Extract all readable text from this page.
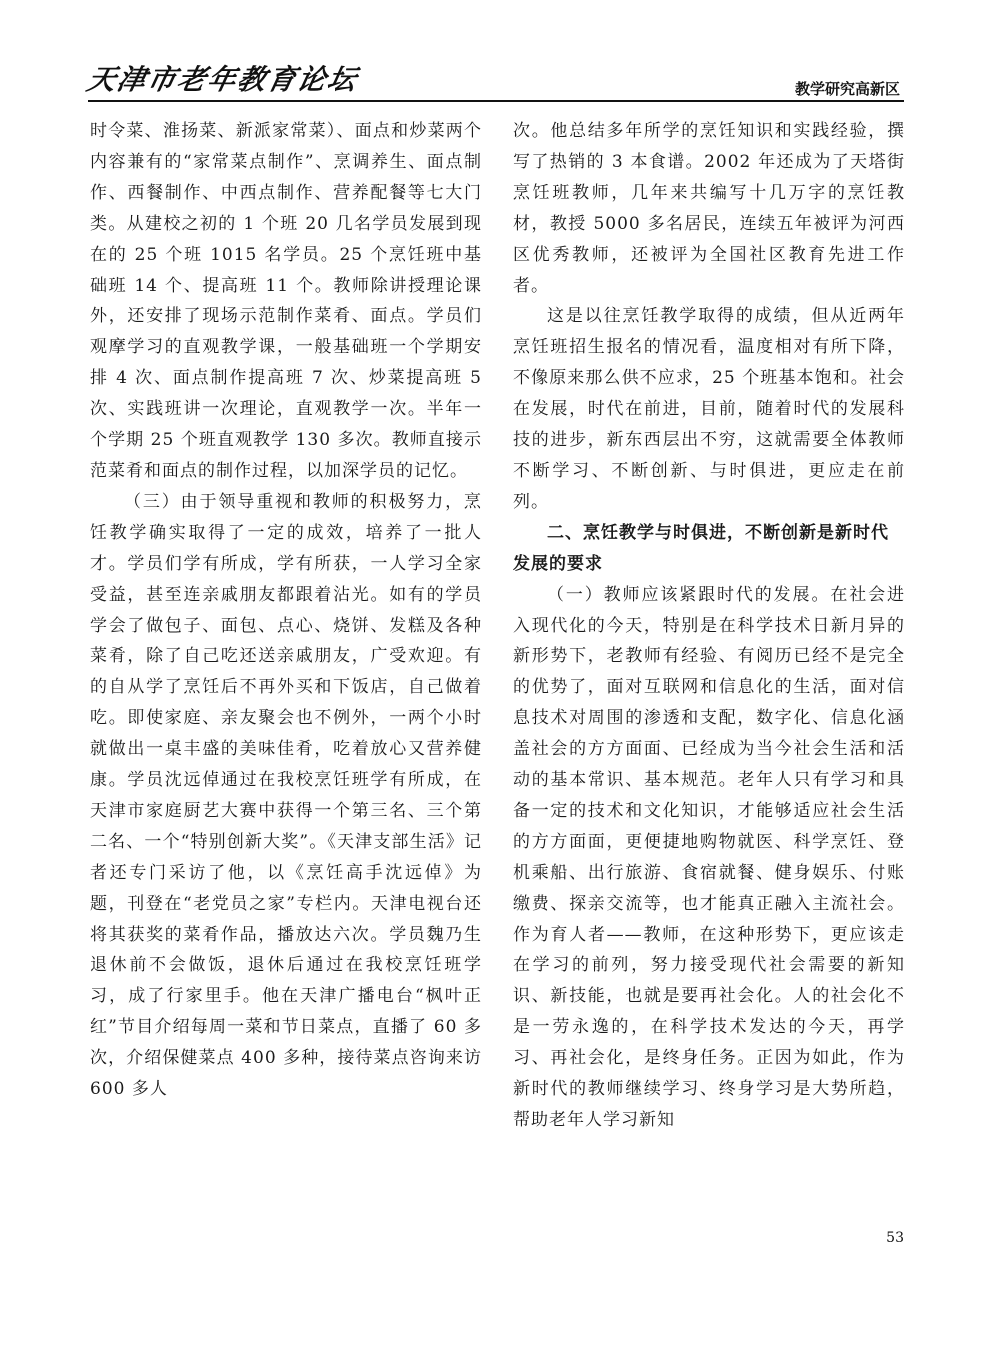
天津市老年教育论坛	教学研究高新区

时令菜、淮扬菜、新派家常菜）、面点和炒菜两个内容兼有的“家常菜点制作”、烹调养生、面点制作、西餐制作、中西点制作、营养配餐等七大门类。从建校之初的 1 个班 20 几名学员发展到现在的 25 个班 1015 名学员。25 个烹饪班中基础班 14 个、提高班 11 个。教师除讲授理论课外，还安排了现场示范制作菜肴、面点。学员们观摩学习的直观教学课，一般基础班一个学期安排 4 次、面点制作提高班 7 次、炒菜提高班 5 次、实践班讲一次理论，直观教学一次。半年一个学期 25 个班直观教学 130 多次。教师直接示范菜肴和面点的制作过程，以加深学员的记忆。

（三）由于领导重视和教师的积极努力，烹饪教学确实取得了一定的成效，培养了一批人才。学员们学有所成，学有所获，一人学习全家受益，甚至连亲戚朋友都跟着沾光。如有的学员学会了做包子、面包、点心、烧饼、发糕及各种菜肴，除了自己吃还送亲戚朋友，广受欢迎。有的自从学了烹饪后不再外买和下饭店，自己做着吃。即使家庭、亲友聚会也不例外，一两个小时就做出一桌丰盛的美味佳肴，吃着放心又营养健康。学员沈远倬通过在我校烹饪班学有所成，在天津市家庭厨艺大赛中获得一个第三名、三个第二名、一个“特别创新大奖”。《天津支部生活》记者还专门采访了他，以《烹饪高手沈远倬》为题，刊登在“老党员之家”专栏内。天津电视台还将其获奖的菜肴作品，播放达六次。学员魏乃生退休前不会做饭，退休后通过在我校烹饪班学习，成了行家里手。他在天津广播电台“枫叶正红”节目介绍每周一菜和节日菜点，直播了 60 多次，介绍保健菜点 400 多种，接待菜点咨询来访 600 多人

次。他总结多年所学的烹饪知识和实践经验，撰写了热销的 3 本食谱。2002 年还成为了天塔街烹饪班教师，几年来共编写十几万字的烹饪教材，教授 5000 多名居民，连续五年被评为河西区优秀教师，还被评为全国社区教育先进工作者。

这是以往烹饪教学取得的成绩，但从近两年烹饪班招生报名的情况看，温度相对有所下降，不像原来那么供不应求，25 个班基本饱和。社会在发展，时代在前进，目前，随着时代的发展科技的进步，新东西层出不穷，这就需要全体教师不断学习、不断创新、与时俱进，更应走在前列。

二、烹饪教学与时俱进，不断创新是新时代发展的要求

（一）教师应该紧跟时代的发展。在社会进入现代化的今天，特别是在科学技术日新月异的新形势下，老教师有经验、有阅历已经不是完全的优势了，面对互联网和信息化的生活，面对信息技术对周围的渗透和支配，数字化、信息化涵盖社会的方方面面、已经成为当今社会生活和活动的基本常识、基本规范。老年人只有学习和具备一定的技术和文化知识，才能够适应社会生活的方方面面，更便捷地购物就医、科学烹饪、登机乘船、出行旅游、食宿就餐、健身娱乐、付账缴费、探亲交流等，也才能真正融入主流社会。作为育人者——教师，在这种形势下，更应该走在学习的前列，努力接受现代社会需要的新知识、新技能，也就是要再社会化。人的社会化不是一劳永逸的，在科学技术发达的今天，再学习、再社会化，是终身任务。正因为如此，作为新时代的教师继续学习、终身学习是大势所趋，帮助老年人学习新知

53
